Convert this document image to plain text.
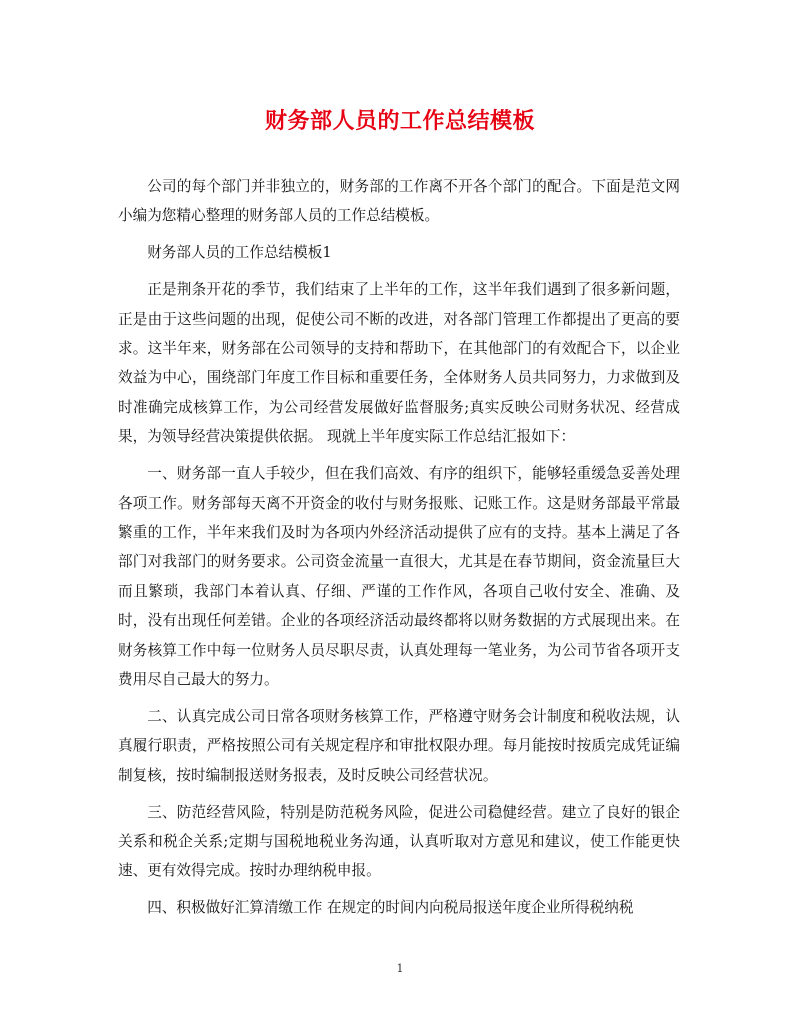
财务部人员的工作总结模板

公司的每个部门并非独立的，财务部的工作离不开各个部门的配合。下面是范文网小编为您精心整理的财务部人员的工作总结模板。

财务部人员的工作总结模板1

正是荆条开花的季节，我们结束了上半年的工作，这半年我们遇到了很多新问题，正是由于这些问题的出现，促使公司不断的改进，对各部门管理工作都提出了更高的要求。这半年来，财务部在公司领导的支持和帮助下，在其他部门的有效配合下，以企业效益为中心，围绕部门年度工作目标和重要任务，全体财务人员共同努力，力求做到及时准确完成核算工作，为公司经营发展做好监督服务;真实反映公司财务状况、经营成果，为领导经营决策提供依据。 现就上半年度实际工作总结汇报如下：

一、财务部一直人手较少，但在我们高效、有序的组织下，能够轻重缓急妥善处理各项工作。财务部每天离不开资金的收付与财务报账、记账工作。这是财务部最平常最繁重的工作，半年来我们及时为各项内外经济活动提供了应有的支持。基本上满足了各部门对我部门的财务要求。公司资金流量一直很大，尤其是在春节期间，资金流量巨大而且繁琐，我部门本着认真、仔细、严谨的工作作风，各项自己收付安全、准确、及时，没有出现任何差错。企业的各项经济活动最终都将以财务数据的方式展现出来。在财务核算工作中每一位财务人员尽职尽责，认真处理每一笔业务，为公司节省各项开支费用尽自己最大的努力。

二、认真完成公司日常各项财务核算工作，严格遵守财务会计制度和税收法规，认真履行职责，严格按照公司有关规定程序和审批权限办理。每月能按时按质完成凭证编制复核，按时编制报送财务报表，及时反映公司经营状况。

三、防范经营风险，特别是防范税务风险，促进公司稳健经营。建立了良好的银企关系和税企关系;定期与国税地税业务沟通，认真听取对方意见和建议，使工作能更快速、更有效得完成。按时办理纳税申报。

四、积极做好汇算清缴工作 在规定的时间内向税局报送年度企业所得税纳税

1
